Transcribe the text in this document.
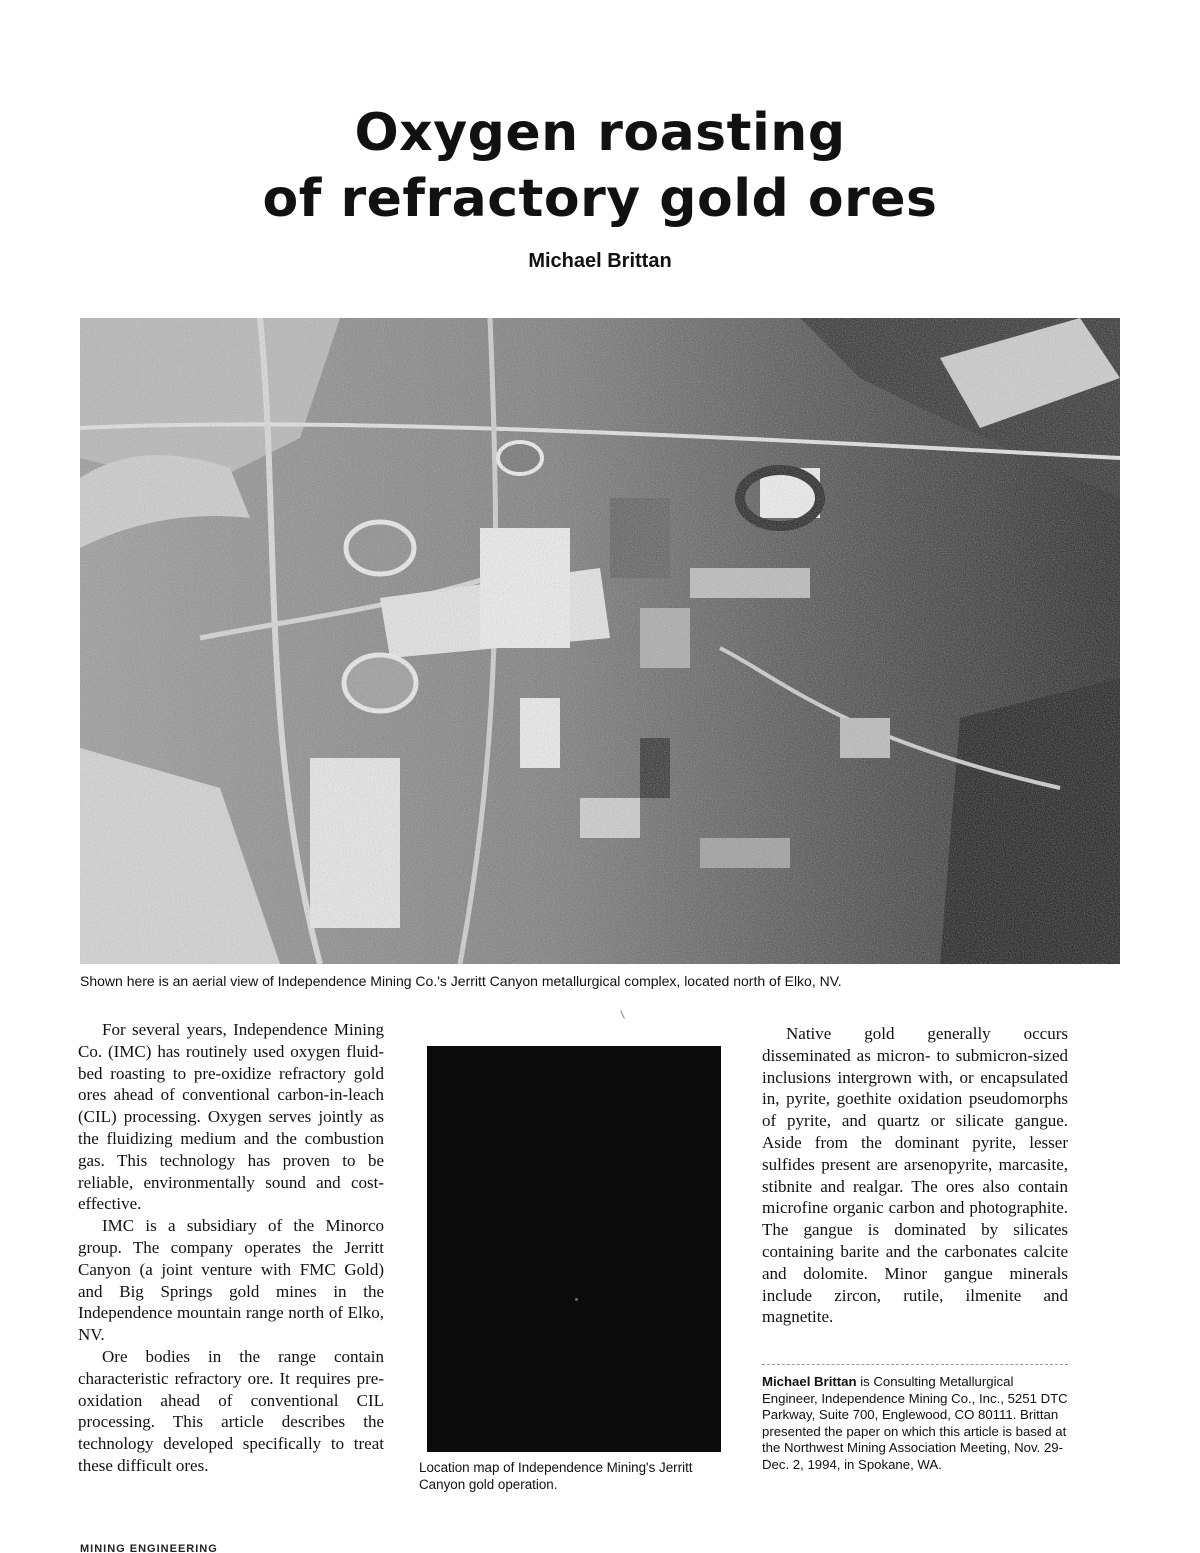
Oxygen roasting
of refractory gold ores
Michael Brittan
Shown here is an aerial view of Independence Mining Co.'s Jerritt Canyon metallurgical complex, located north of Elko, NV.

For several years, Independence Mining Co. (IMC) has routinely used oxygen fluid-bed roasting to pre-oxidize refractory gold ores ahead of conventional carbon-in-leach (CIL) processing. Oxygen serves jointly as the fluidizing medium and the combustion gas. This technology has proven to be reliable, environmentally sound and cost-effective.

IMC is a subsidiary of the Minorco group. The company operates the Jerritt Canyon (a joint venture with FMC Gold) and Big Springs gold mines in the Independence mountain range north of Elko, NV.

Ore bodies in the range contain characteristic refractory ore. It requires pre-oxidation ahead of conventional CIL processing. This article describes the technology developed specifically to treat these difficult ores.	Location map of Independence Mining's Jerritt
Canyon gold operation.

Native gold generally occurs disseminated as micron- to submicron-sized inclusions intergrown with, or encapsulated in, pyrite, goethite oxidation pseudomorphs of pyrite, and quartz or silicate gangue. Aside from the dominant pyrite, lesser sulfides present are arsenopyrite, marcasite, stibnite and realgar. The ores also contain microfine organic carbon and photographite. The gangue is dominated by silicates containing barite and the carbonates calcite and dolomite. Minor gangue minerals include zircon, rutile, ilmenite and magnetite.

Michael Brittan is Consulting Metallurgical Engineer, Independence Mining Co., Inc., 5251 DTC Parkway, Suite 700, Englewood, CO 80111. Brittan presented the paper on which this article is based at the Northwest Mining Association Meeting, Nov. 29-Dec. 2, 1994, in Spokane, WA.
MINING ENGINEERING
